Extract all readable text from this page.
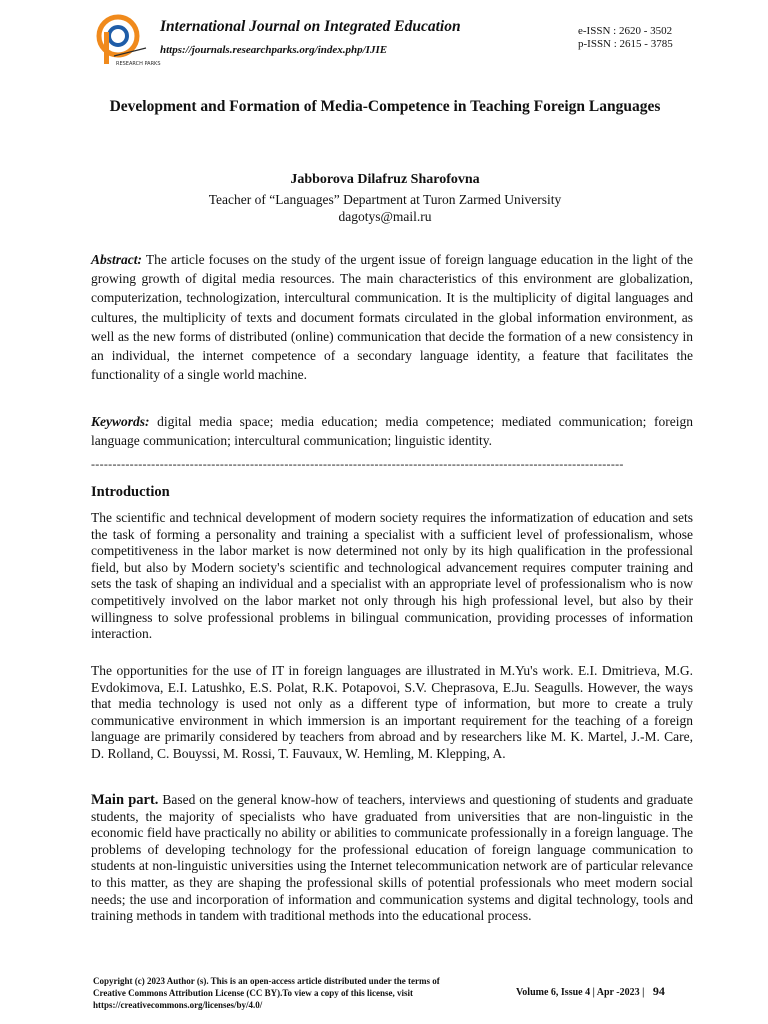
RESEARCH PARKS
International Journal on Integrated Education
https://journals.researchparks.org/index.php/IJIE
e-ISSN : 2620 - 3502
p-ISSN : 2615 - 3785
Development and Formation of Media-Competence in Teaching Foreign Languages
Jabborova Dilafruz Sharofovna
Teacher of “Languages” Department at Turon Zarmed University
dagotys@mail.ru

Abstract: The article focuses on the study of the urgent issue of foreign language education in the light of the growing growth of digital media resources. The main characteristics of this environment are globalization, computerization, technologization, intercultural communication. It is the multiplicity of digital languages and cultures, the multiplicity of texts and document formats circulated in the global information environment, as well as the new forms of distributed (online) communication that decide the formation of a new consistency in an individual, the internet competence of a secondary language identity, a feature that facilitates the functionality of a single world machine.

Keywords: digital media space; media education; media competence; mediated communication; foreign language communication; intercultural communication; linguistic identity.

----------------------------------------------------------------------------------------------------------------------------
Introduction

The scientific and technical development of modern society requires the informatization of education and sets the task of forming a personality and training a specialist with a sufficient level of professionalism, whose competitiveness in the labor market is now determined not only by its high qualification in the professional field, but also by Modern society's scientific and technological advancement requires computer training and sets the task of shaping an individual and a specialist with an appropriate level of professionalism who is now competitively involved on the labor market not only through his high professional level, but also by their willingness to solve professional problems in bilingual communication, providing processes of information interaction.

The opportunities for the use of IT in foreign languages are illustrated in M.Yu's work. E.I. Dmitrieva, M.G. Evdokimova, E.I. Latushko, E.S. Polat, R.K. Potapovoi, S.V. Cheprasova, E.Ju. Seagulls. However, the ways that media technology is used not only as a different type of information, but more to create a truly communicative environment in which immersion is an important requirement for the teaching of a foreign language are primarily considered by teachers from abroad and by researchers like M. K. Martel, J.-M. Care, D. Rolland, C. Bouyssi, M. Rossi, T. Fauvaux, W. Hemling, M. Klepping, A.

Main part. Based on the general know-how of teachers, interviews and questioning of students and graduate students, the majority of specialists who have graduated from universities that are non-linguistic in the economic field have practically no ability or abilities to communicate professionally in a foreign language. The problems of developing technology for the professional education of foreign language communication to students at non-linguistic universities using the Internet telecommunication network are of particular relevance to this matter, as they are shaping the professional skills of potential professionals who meet modern social needs; the use and incorporation of information and communication systems and digital technology, tools and training methods in tandem with traditional methods into the educational process.

Copyright (c) 2023 Author (s). This is an open-access article distributed under the terms of Creative Commons Attribution License (CC BY).To view a copy of this license, visit https://creativecommons.org/licenses/by/4.0/
Volume 6, Issue 4 | Apr -2023 | 94
